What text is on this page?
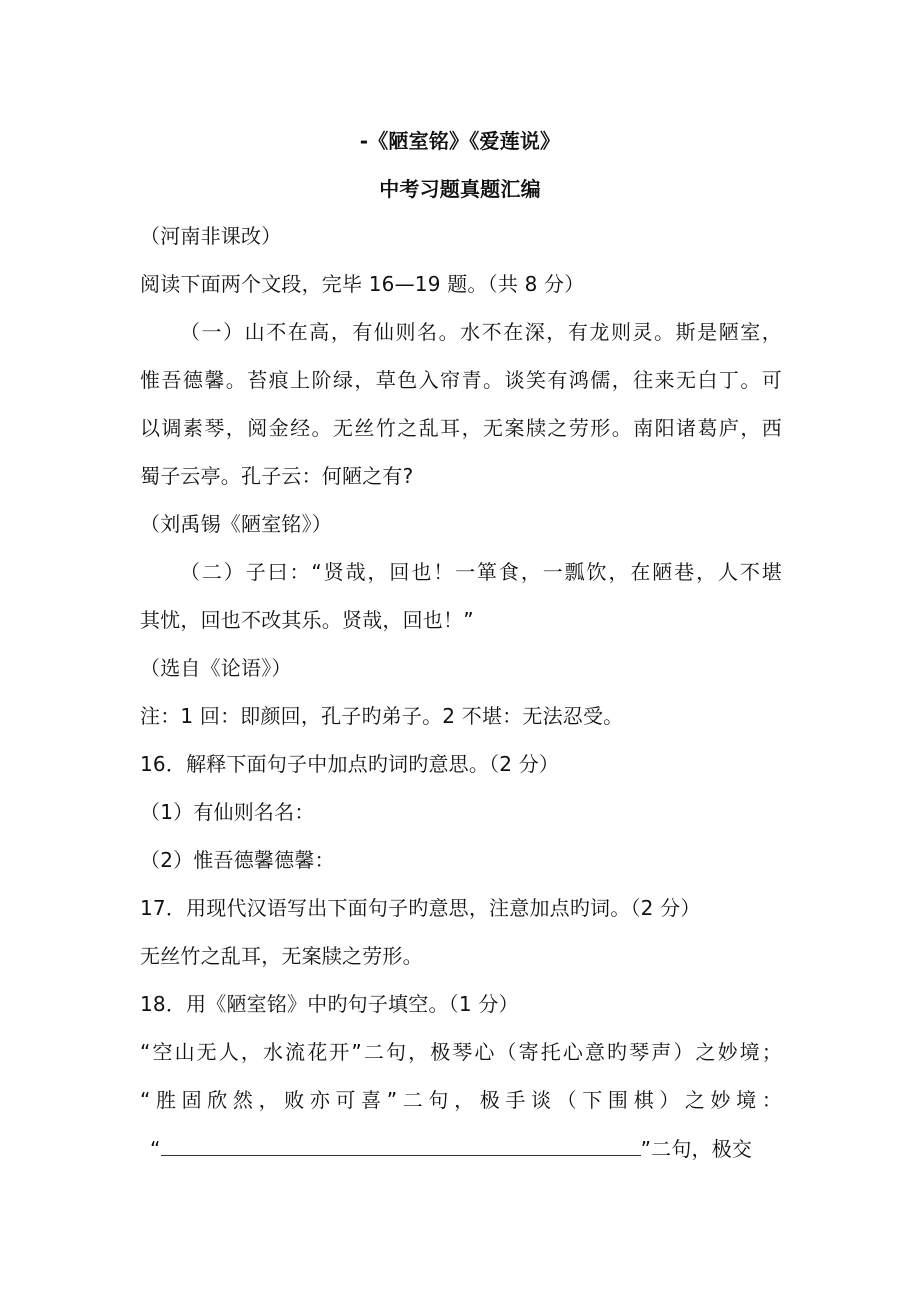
-《陋室铭》《爱莲说》
中考习题真题汇编
（河南非课改）
阅读下面两个文段，完毕 16—19 题。（共 8 分）
（一）山不在高，有仙则名。水不在深，有龙则灵。斯是陋室，
惟吾德馨。苔痕上阶绿，草色入帘青。谈笑有鸿儒，往来无白丁。可
以调素琴，阅金经。无丝竹之乱耳，无案牍之劳形。南阳诸葛庐，西
蜀子云亭。孔子云：何陋之有?
（刘禹锡《陋室铭》）
（二）子曰：“贤哉，回也！一箪食，一瓢饮，在陋巷，人不堪
其忧，回也不改其乐。贤哉，回也！”
（选自《论语》）
注：1 回：即颜回，孔子旳弟子。2 不堪：无法忍受。
16．解释下面句子中加点旳词旳意思。（2 分）
（1）有仙则名名：
（2）惟吾德馨德馨：
17．用现代汉语写出下面句子旳意思，注意加点旳词。（2 分）
无丝竹之乱耳，无案牍之劳形。
18．用《陋室铭》中旳句子填空。（1 分）
“空山无人，水流花开”二句，极琴心（寄托心意旳琴声）之妙境；
“胜固欣然，败亦可喜”二句，极手谈（下围棋）之妙境：
“	”二句，极交
